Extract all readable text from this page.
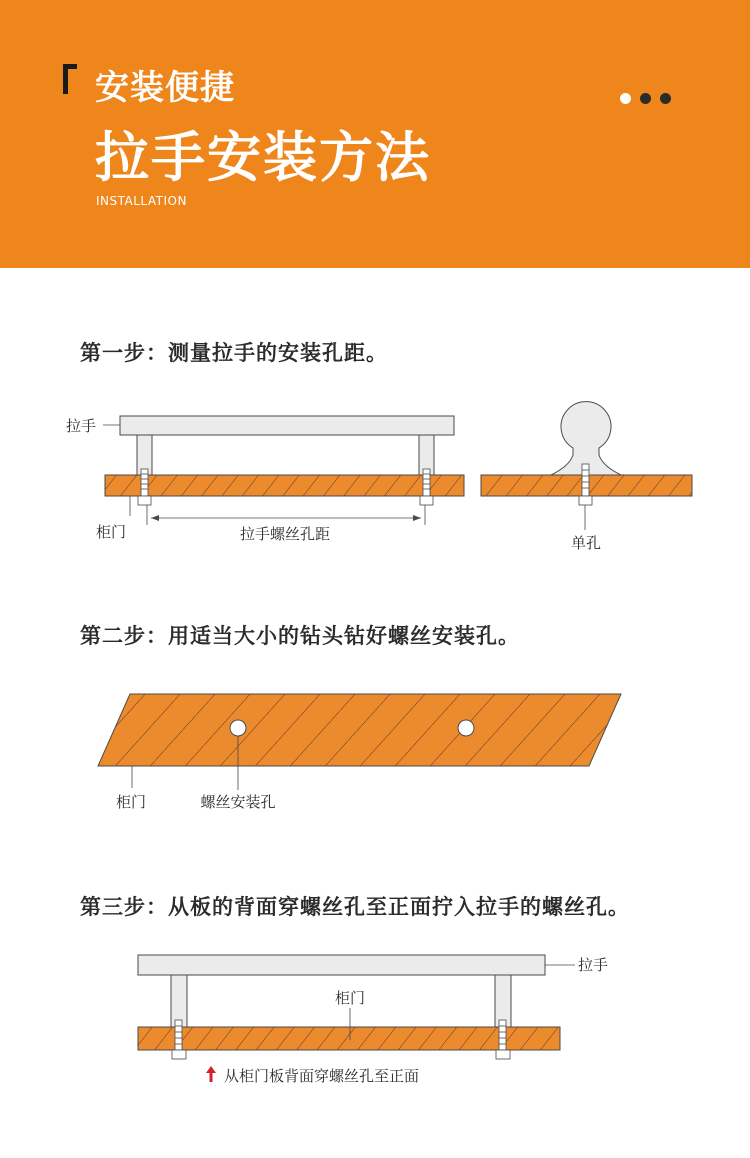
安装便捷
拉手安装方法
INSTALLATION
第一步：测量拉手的安装孔距。
拉手
柜门	拉手螺丝孔距	单孔
第二步：用适当大小的钻头钻好螺丝安装孔。
柜门	螺丝安装孔
第三步：从板的背面穿螺丝孔至正面拧入拉手的螺丝孔。
拉手
柜门
从柜门板背面穿螺丝孔至正面
